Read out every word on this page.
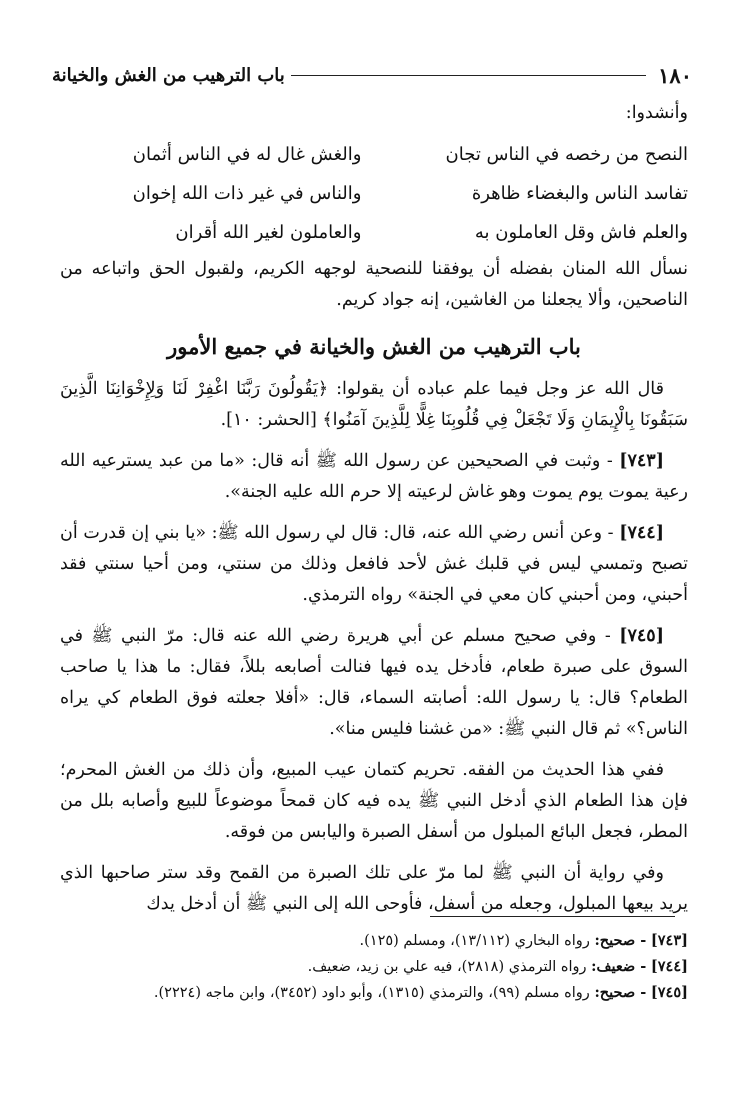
١٨٠
باب الترهيب من الغش والخيانة

وأنشدوا:

النصح من رخصه في الناس تجان
والغش غال له في الناس أثمان
تفاسد الناس والبغضاء ظاهرة
والناس في غير ذات الله إخوان
والعلم فاش وقل العاملون به
والعاملون لغير الله أقران

نسأل الله المنان بفضله أن يوفقنا للنصحية لوجهه الكريم، ولقبول الحق واتباعه من الناصحين، وألا يجعلنا من الغاشين، إنه جواد كريم.

باب الترهيب من الغش والخيانة في جميع الأمور

قال الله عز وجل فيما علم عباده أن يقولوا: ﴿يَقُولُونَ رَبَّنَا اغْفِرْ لَنَا وَلِإِخْوَانِنَا الَّذِينَ سَبَقُونَا بِالْإِيمَانِ وَلَا تَجْعَلْ فِي قُلُوبِنَا غِلًّا لِلَّذِينَ آمَنُوا﴾ [الحشر: ١٠].

[٧٤٣] - وثبت في الصحيحين عن رسول الله ﷺ أنه قال: «ما من عبد يسترعيه الله رعية يموت يوم يموت وهو غاش لرعيته إلا حرم الله عليه الجنة».

[٧٤٤] - وعن أنس رضي الله عنه، قال: قال لي رسول الله ﷺ: «يا بني إن قدرت أن تصبح وتمسي ليس في قلبك غش لأحد فافعل وذلك من سنتي، ومن أحيا سنتي فقد أحبني، ومن أحبني كان معي في الجنة» رواه الترمذي.

[٧٤٥] - وفي صحيح مسلم عن أبي هريرة رضي الله عنه قال: مرّ النبي ﷺ في السوق على صبرة طعام، فأدخل يده فيها فنالت أصابعه بللاً، فقال: ما هذا يا صاحب الطعام؟ قال: يا رسول الله: أصابته السماء، قال: «أفلا جعلته فوق الطعام كي يراه الناس؟» ثم قال النبي ﷺ: «من غشنا فليس منا».

ففي هذا الحديث من الفقه. تحريم كتمان عيب المبيع، وأن ذلك من الغش المحرم؛ فإن هذا الطعام الذي أدخل النبي ﷺ يده فيه كان قمحاً موضوعاً للبيع وأصابه بلل من المطر، فجعل البائع المبلول من أسفل الصبرة واليابس من فوقه.

وفي رواية أن النبي ﷺ لما مرّ على تلك الصبرة من القمح وقد ستر صاحبها الذي يريد بيعها المبلول، وجعله من أسفل، فأوحى الله إلى النبي ﷺ أن أدخل يدك

[٧٤٣] - صحيح: رواه البخاري (١٣/١١٢)، ومسلم (١٢٥).

[٧٤٤] - ضعيف: رواه الترمذي (٢٨١٨)، فيه علي بن زيد، ضعيف.

[٧٤٥] - صحيح: رواه مسلم (٩٩)، والترمذي (١٣١٥)، وأبو داود (٣٤٥٢)، وابن ماجه (٢٢٢٤).
